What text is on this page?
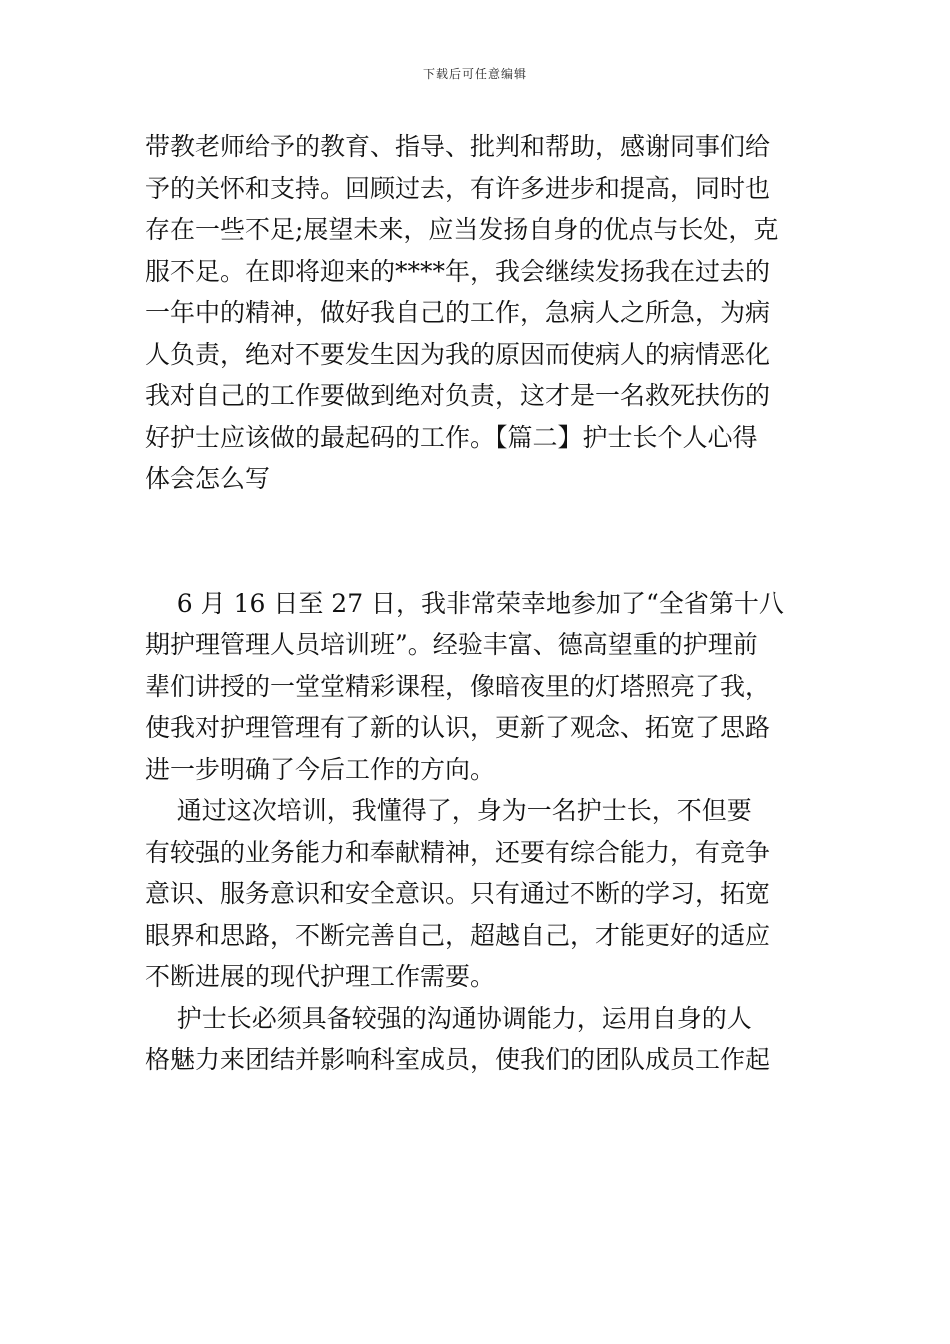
下载后可任意编辑
带教老师给予的教育、指导、批判和帮助，感谢同事们给
予的关怀和支持。回顾过去，有许多进步和提高，同时也
存在一些不足;展望未来，应当发扬自身的优点与长处，克
服不足。在即将迎来的****年，我会继续发扬我在过去的
一年中的精神，做好我自己的工作，急病人之所急，为病
人负责，绝对不要发生因为我的原因而使病人的病情恶化
我对自己的工作要做到绝对负责，这才是一名救死扶伤的
好护士应该做的最起码的工作。【篇二】护士长个人心得
体会怎么写
6 月 16 日至 27 日，我非常荣幸地参加了“全省第十八
期护理管理人员培训班”。经验丰富、德高望重的护理前
辈们讲授的一堂堂精彩课程，像暗夜里的灯塔照亮了我，
使我对护理管理有了新的认识，更新了观念、拓宽了思路
进一步明确了今后工作的方向。
通过这次培训，我懂得了，身为一名护士长，不但要
有较强的业务能力和奉献精神，还要有综合能力，有竞争
意识、服务意识和安全意识。只有通过不断的学习，拓宽
眼界和思路，不断完善自己，超越自己，才能更好的适应
不断进展的现代护理工作需要。
护士长必须具备较强的沟通协调能力，运用自身的人
格魅力来团结并影响科室成员，使我们的团队成员工作起
